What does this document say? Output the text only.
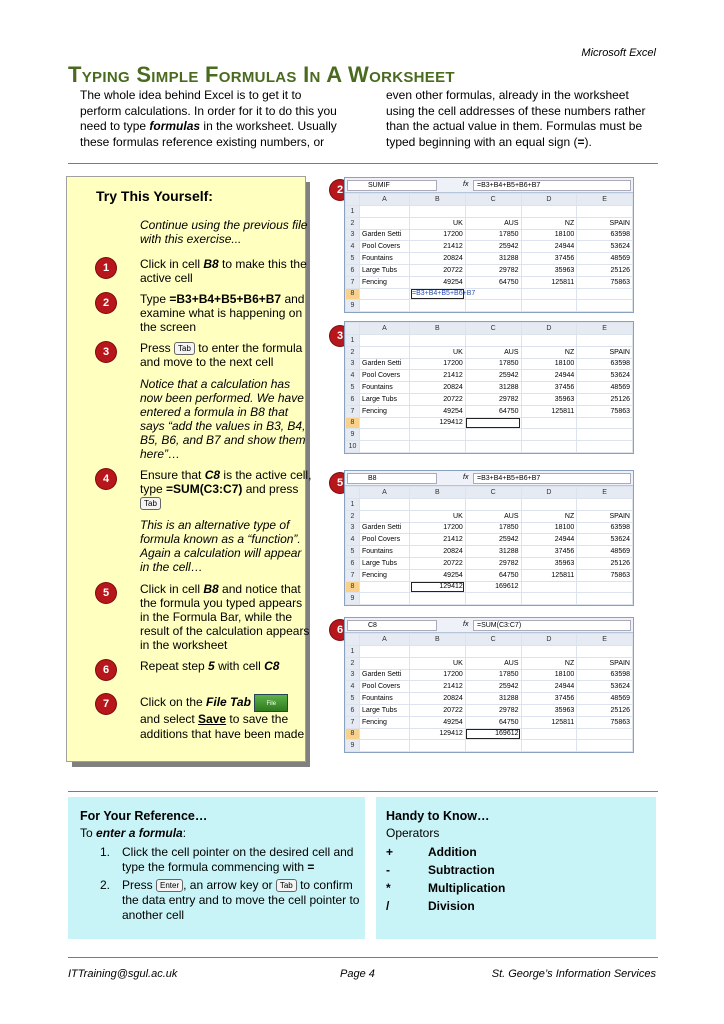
Microsoft Excel
Typing Simple Formulas In A Worksheet
The whole idea behind Excel is to get it to
perform calculations. In order for it to do this you
need to type formulas in the worksheet. Usually
these formulas reference existing numbers, or
even other formulas, already in the worksheet
using the cell addresses of these numbers rather
than the actual value in them. Formulas must be
typed beginning with an equal sign (=).
Try This Yourself:
Continue using the previous file with this exercise...
1	Click in cell B8 to make this the active cell
2	Type =B3+B4+B5+B6+B7 and examine what is happening on the screen
3	Press Tab to enter the formula and move to the next cell
Notice that a calculation has now been performed. We have entered a formula in B8 that says “add the values in B3, B4, B5, B6, and B7 and show them here”…
4	Ensure that C8 is the active cell, type =SUM(C3:C7) and press Tab
This is an alternative type of formula known as a “function”. Again a calculation will appear in the cell…
5	Click in cell B8 and notice that the formula you typed appears in the Formula Bar, while the result of the calculation appears in the worksheet
6	Repeat step 5 with cell C8
7	Click on the File Tab	File
and select Save to save the additions that have been made
2	SUMIF	fx	=B3+B4+B5+B6+B7
	A	B	C	D	E
1					
2		UK	AUS	NZ	SPAIN
3	Garden Setti	17200	17850	18100	63598
4	Pool Covers	21412	25942	24944	53624
5	Fountains	20824	31288	37456	48569
6	Large Tubs	20722	29782	35963	25126
7	Fencing	49254	64750	125811	75863
8		=B3+B4+B5+B6+B7			
9					
3
	A	B	C	D	E
1					
2		UK	AUS	NZ	SPAIN
3	Garden Setti	17200	17850	18100	63598
4	Pool Covers	21412	25942	24944	53624
5	Fountains	20824	31288	37456	48569
6	Large Tubs	20722	29782	35963	25126
7	Fencing	49254	64750	125811	75863
8		129412			
9					
10					
5	B8	fx	=B3+B4+B5+B6+B7
	A	B	C	D	E
1					
2		UK	AUS	NZ	SPAIN
3	Garden Setti	17200	17850	18100	63598
4	Pool Covers	21412	25942	24944	53624
5	Fountains	20824	31288	37456	48569
6	Large Tubs	20722	29782	35963	25126
7	Fencing	49254	64750	125811	75863
8		129412	169612		
9					
6	C8	fx	=SUM(C3:C7)
	A	B	C	D	E
1					
2		UK	AUS	NZ	SPAIN
3	Garden Setti	17200	17850	18100	63598
4	Pool Covers	21412	25942	24944	53624
5	Fountains	20824	31288	37456	48569
6	Large Tubs	20722	29782	35963	25126
7	Fencing	49254	64750	125811	75863
8		129412	169612		
9					
For Your Reference…
To enter a formula:
1. Click the cell pointer on the desired cell and type the formula commencing with =
2. Press Enter , an arrow key or Tab to confirm the data entry and to move the cell pointer to another cell
Handy to Know…
Operators
+	Addition
-	Subtraction
*	Multiplication
/	Division
ITTraining@sgul.ac.uk	Page 4	St. George’s Information Services
